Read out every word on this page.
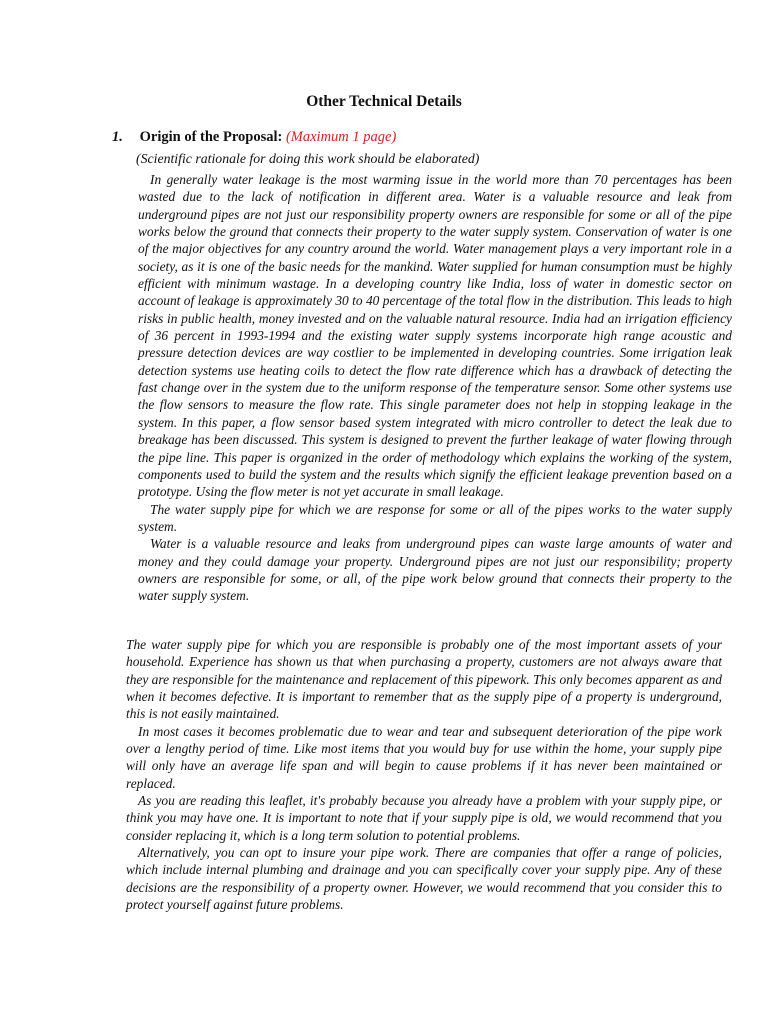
Other Technical Details
1. Origin of the Proposal: (Maximum 1 page)
(Scientific rationale for doing this work should be elaborated)

In generally water leakage is the most warming issue in the world more than 70 percentages has been wasted due to the lack of notification in different area. Water is a valuable resource and leak from underground pipes are not just our responsibility property owners are responsible for some or all of the pipe works below the ground that connects their property to the water supply system. Conservation of water is one of the major objectives for any country around the world. Water management plays a very important role in a society, as it is one of the basic needs for the mankind. Water supplied for human consumption must be highly efficient with minimum wastage. In a developing country like India, loss of water in domestic sector on account of leakage is approximately 30 to 40 percentage of the total flow in the distribution. This leads to high risks in public health, money invested and on the valuable natural resource. India had an irrigation efficiency of 36 percent in 1993-1994 and the existing water supply systems incorporate high range acoustic and pressure detection devices are way costlier to be implemented in developing countries. Some irrigation leak detection systems use heating coils to detect the flow rate difference which has a drawback of detecting the fast change over in the system due to the uniform response of the temperature sensor. Some other systems use the flow sensors to measure the flow rate. This single parameter does not help in stopping leakage in the system. In this paper, a flow sensor based system integrated with micro controller to detect the leak due to breakage has been discussed. This system is designed to prevent the further leakage of water flowing through the pipe line. This paper is organized in the order of methodology which explains the working of the system, components used to build the system and the results which signify the efficient leakage prevention based on a prototype. Using the flow meter is not yet accurate in small leakage.

The water supply pipe for which we are response for some or all of the pipes works to the water supply system.

Water is a valuable resource and leaks from underground pipes can waste large amounts of water and money and they could damage your property. Underground pipes are not just our responsibility; property owners are responsible for some, or all, of the pipe work below ground that connects their property to the water supply system.

The water supply pipe for which you are responsible is probably one of the most important assets of your household. Experience has shown us that when purchasing a property, customers are not always aware that they are responsible for the maintenance and replacement of this pipework. This only becomes apparent as and when it becomes defective. It is important to remember that as the supply pipe of a property is underground, this is not easily maintained.

In most cases it becomes problematic due to wear and tear and subsequent deterioration of the pipe work over a lengthy period of time. Like most items that you would buy for use within the home, your supply pipe will only have an average life span and will begin to cause problems if it has never been maintained or replaced.

As you are reading this leaflet, it's probably because you already have a problem with your supply pipe, or think you may have one. It is important to note that if your supply pipe is old, we would recommend that you consider replacing it, which is a long term solution to potential problems.

Alternatively, you can opt to insure your pipe work. There are companies that offer a range of policies, which include internal plumbing and drainage and you can specifically cover your supply pipe. Any of these decisions are the responsibility of a property owner. However, we would recommend that you consider this to protect yourself against future problems.
